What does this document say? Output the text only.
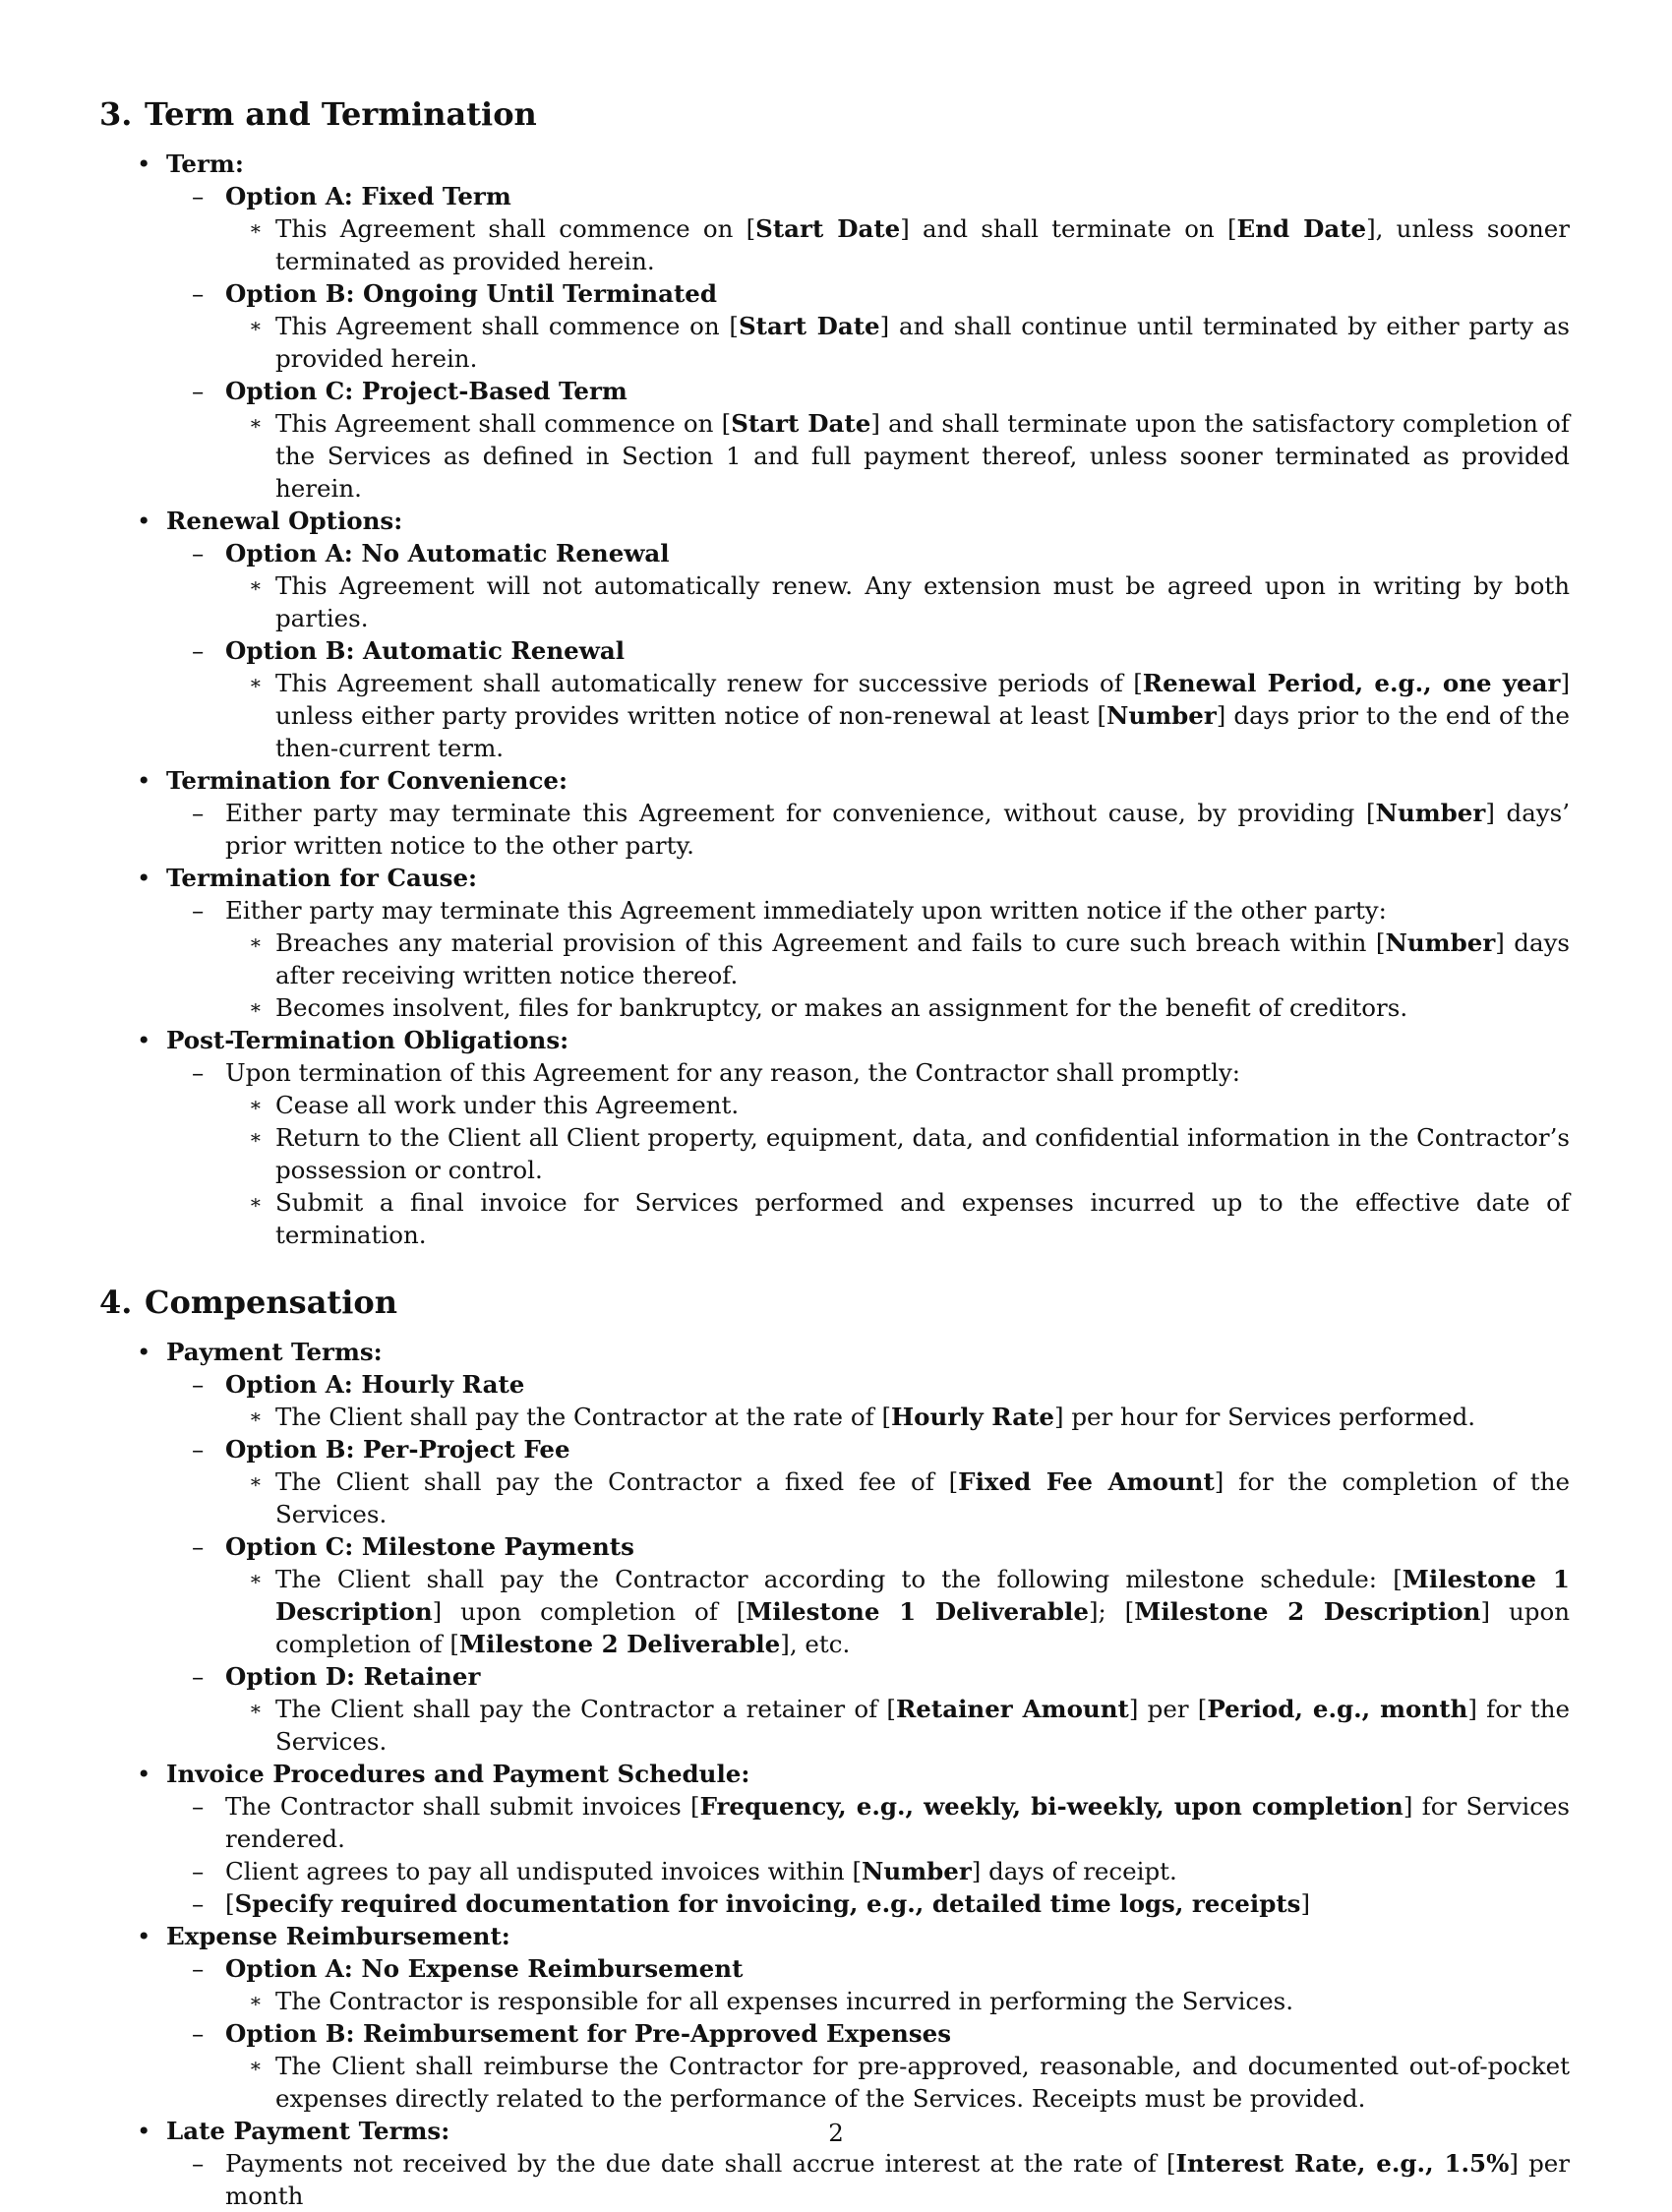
3. Term and Termination
• Term:
– Option A: Fixed Term
∗ This Agreement shall commence on [Start Date] and shall terminate on [End Date], unless sooner terminated as provided herein.
– Option B: Ongoing Until Terminated
∗ This Agreement shall commence on [Start Date] and shall continue until terminated by either party as provided herein.
– Option C: Project-Based Term
∗ This Agreement shall commence on [Start Date] and shall terminate upon the satisfactory completion of the Services as defined in Section 1 and full payment thereof, unless sooner terminated as provided herein.
• Renewal Options:
– Option A: No Automatic Renewal
∗ This Agreement will not automatically renew. Any extension must be agreed upon in writing by both parties.
– Option B: Automatic Renewal
∗ This Agreement shall automatically renew for successive periods of [Renewal Period, e.g., one year] unless either party provides written notice of non-renewal at least [Number] days prior to the end of the then-current term.
• Termination for Convenience:
– Either party may terminate this Agreement for convenience, without cause, by providing [Number] days’ prior written notice to the other party.
• Termination for Cause:
– Either party may terminate this Agreement immediately upon written notice if the other party:
∗ Breaches any material provision of this Agreement and fails to cure such breach within [Number] days after receiving written notice thereof.
∗ Becomes insolvent, files for bankruptcy, or makes an assignment for the benefit of creditors.
• Post-Termination Obligations:
– Upon termination of this Agreement for any reason, the Contractor shall promptly:
∗ Cease all work under this Agreement.
∗ Return to the Client all Client property, equipment, data, and confidential information in the Contractor’s possession or control.
∗ Submit a final invoice for Services performed and expenses incurred up to the effective date of termination.
4. Compensation
• Payment Terms:
– Option A: Hourly Rate
∗ The Client shall pay the Contractor at the rate of [Hourly Rate] per hour for Services performed.
– Option B: Per-Project Fee
∗ The Client shall pay the Contractor a fixed fee of [Fixed Fee Amount] for the completion of the Services.
– Option C: Milestone Payments
∗ The Client shall pay the Contractor according to the following milestone schedule: [Milestone 1 Description] upon completion of [Milestone 1 Deliverable]; [Milestone 2 Description] upon completion of [Milestone 2 Deliverable], etc.
– Option D: Retainer
∗ The Client shall pay the Contractor a retainer of [Retainer Amount] per [Period, e.g., month] for the Services.
• Invoice Procedures and Payment Schedule:
– The Contractor shall submit invoices [Frequency, e.g., weekly, bi-weekly, upon completion] for Services rendered.
– Client agrees to pay all undisputed invoices within [Number] days of receipt.
– [Specify required documentation for invoicing, e.g., detailed time logs, receipts]
• Expense Reimbursement:
– Option A: No Expense Reimbursement
∗ The Contractor is responsible for all expenses incurred in performing the Services.
– Option B: Reimbursement for Pre-Approved Expenses
∗ The Client shall reimburse the Contractor for pre-approved, reasonable, and documented out-of-pocket expenses directly related to the performance of the Services. Receipts must be provided.
• Late Payment Terms:
– Payments not received by the due date shall accrue interest at the rate of [Interest Rate, e.g., 1.5%] per month
2
